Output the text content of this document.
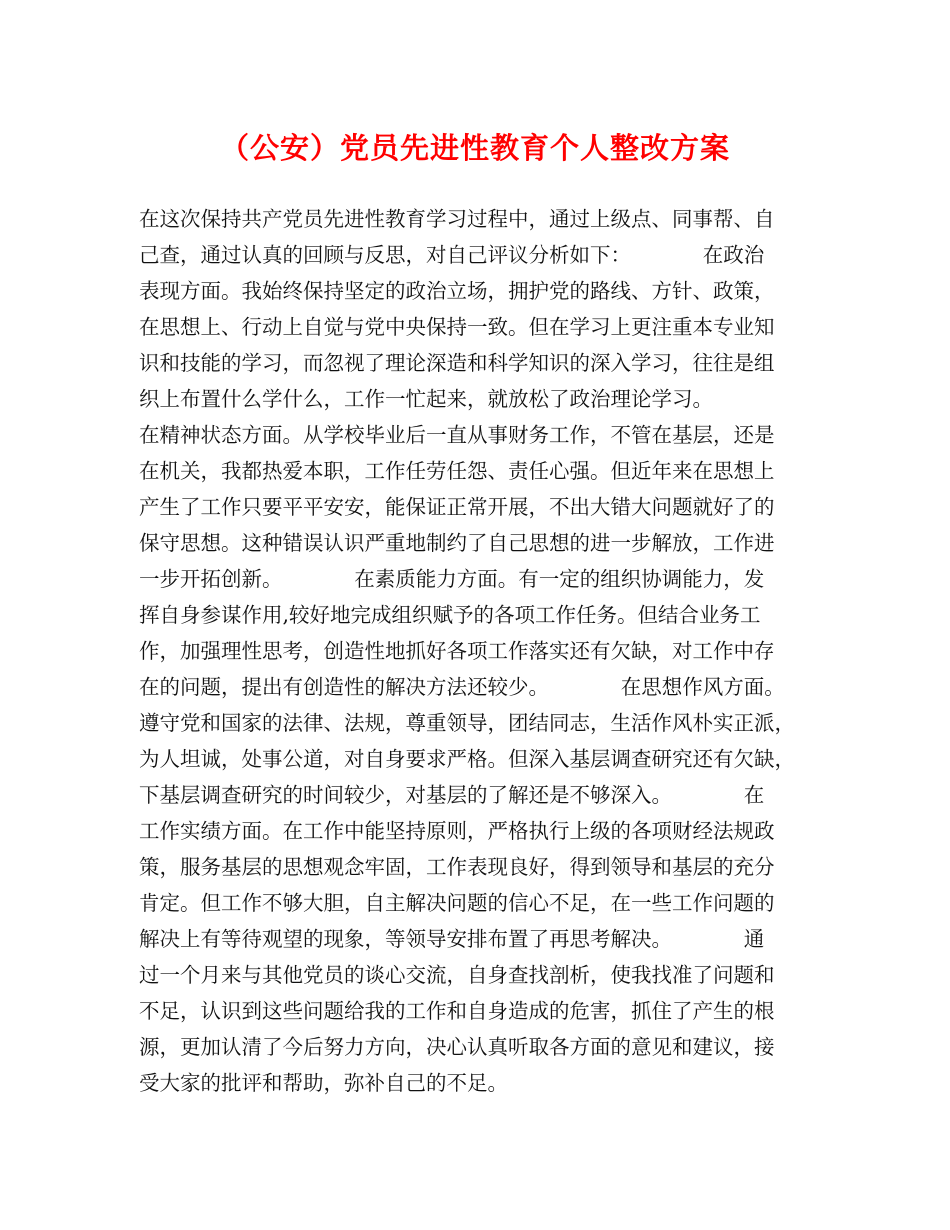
（公安）党员先进性教育个人整改方案
在这次保持共产党员先进性教育学习过程中，通过上级点、同事帮、自
己查，通过认真的回顾与反思，对自己评议分析如下：　　　　在政治
表现方面。我始终保持坚定的政治立场，拥护党的路线、方针、政策，
在思想上、行动上自觉与党中央保持一致。但在学习上更注重本专业知
识和技能的学习，而忽视了理论深造和科学知识的深入学习，往往是组
织上布置什么学什么，工作一忙起来，就放松了政治理论学习。
在精神状态方面。从学校毕业后一直从事财务工作，不管在基层，还是
在机关，我都热爱本职，工作任劳任怨、责任心强。但近年来在思想上
产生了工作只要平平安安，能保证正常开展，不出大错大问题就好了的
保守思想。这种错误认识严重地制约了自己思想的进一步解放，工作进
一步开拓创新。　　　　在素质能力方面。有一定的组织协调能力，发
挥自身参谋作用,较好地完成组织赋予的各项工作任务。但结合业务工
作，加强理性思考，创造性地抓好各项工作落实还有欠缺，对工作中存
在的问题，提出有创造性的解决方法还较少。　　　　在思想作风方面。
遵守党和国家的法律、法规，尊重领导，团结同志，生活作风朴实正派，
为人坦诚，处事公道，对自身要求严格。但深入基层调查研究还有欠缺，
下基层调查研究的时间较少，对基层的了解还是不够深入。　　　　在
工作实绩方面。在工作中能坚持原则，严格执行上级的各项财经法规政
策，服务基层的思想观念牢固，工作表现良好，得到领导和基层的充分
肯定。但工作不够大胆，自主解决问题的信心不足，在一些工作问题的
解决上有等待观望的现象，等领导安排布置了再思考解决。　　　　通
过一个月来与其他党员的谈心交流，自身查找剖析，使我找准了问题和
不足，认识到这些问题给我的工作和自身造成的危害，抓住了产生的根
源，更加认清了今后努力方向，决心认真听取各方面的意见和建议，接
受大家的批评和帮助，弥补自己的不足。
